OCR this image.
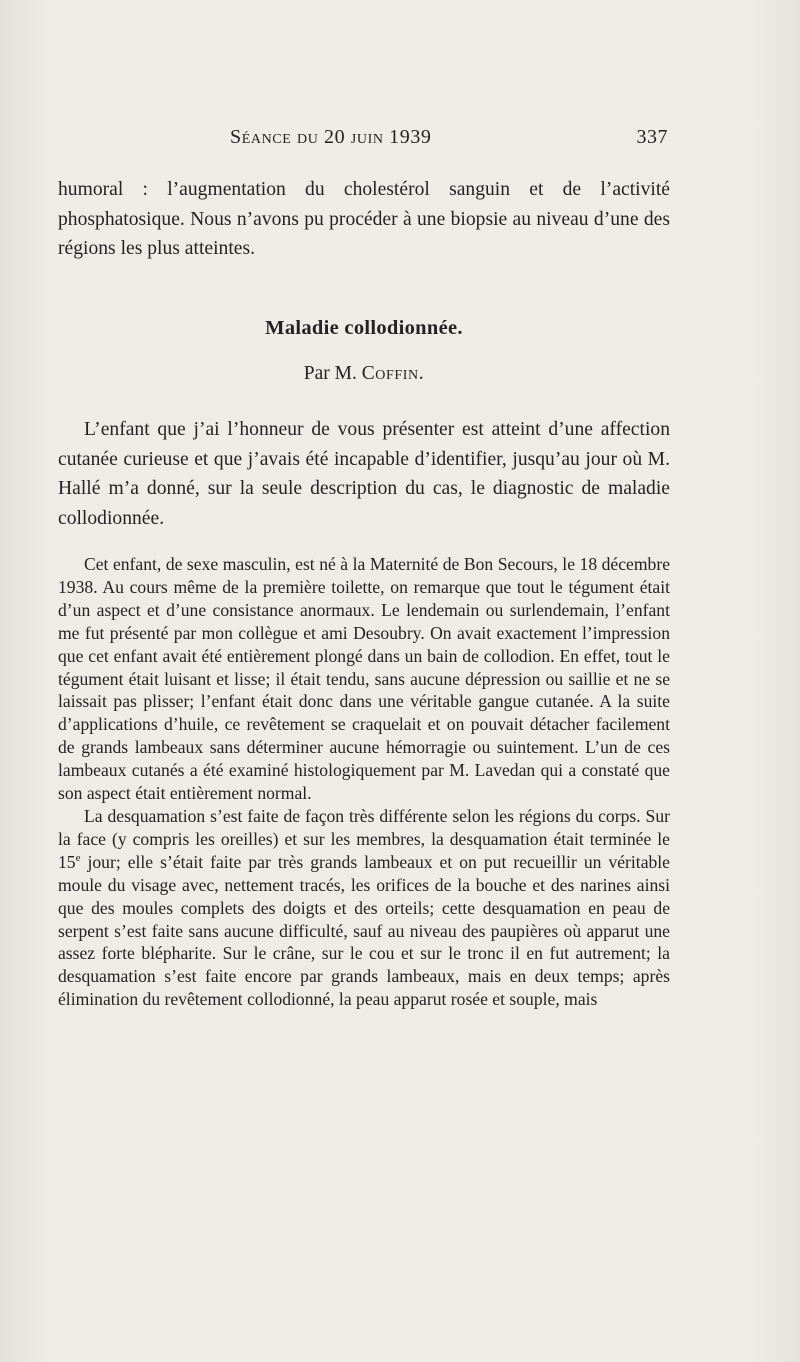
Séance du 20 juin 1939	337

humoral : l’augmentation du cholestérol sanguin et de l’activité phosphatosique. Nous n’avons pu procéder à une biopsie au niveau d’une des régions les plus atteintes.

Maladie collodionnée.

Par M. Coffin.

L’enfant que j’ai l’honneur de vous présenter est atteint d’une affection cutanée curieuse et que j’avais été incapable d’identifier, jusqu’au jour où M. Hallé m’a donné, sur la seule description du cas, le diagnostic de maladie collodionnée.

Cet enfant, de sexe masculin, est né à la Maternité de Bon Secours, le 18 décembre 1938. Au cours même de la première toilette, on remarque que tout le tégument était d’un aspect et d’une consistance anormaux. Le lendemain ou surlendemain, l’enfant me fut présenté par mon collègue et ami Desoubry. On avait exactement l’impression que cet enfant avait été entièrement plongé dans un bain de collodion. En effet, tout le tégument était luisant et lisse; il était tendu, sans aucune dépression ou saillie et ne se laissait pas plisser; l’enfant était donc dans une véritable gangue cutanée. A la suite d’applications d’huile, ce revêtement se craquelait et on pouvait détacher facilement de grands lambeaux sans déterminer aucune hémorragie ou suintement. L’un de ces lambeaux cutanés a été examiné histologiquement par M. Lavedan qui a constaté que son aspect était entièrement normal.

La desquamation s’est faite de façon très différente selon les régions du corps. Sur la face (y compris les oreilles) et sur les membres, la desquamation était terminée le 15e jour; elle s’était faite par très grands lambeaux et on put recueillir un véritable moule du visage avec, nettement tracés, les orifices de la bouche et des narines ainsi que des moules complets des doigts et des orteils; cette desquamation en peau de serpent s’est faite sans aucune difficulté, sauf au niveau des paupières où apparut une assez forte blépharite. Sur le crâne, sur le cou et sur le tronc il en fut autrement; la desquamation s’est faite encore par grands lambeaux, mais en deux temps; après élimination du revêtement collodionné, la peau apparut rosée et souple, mais
